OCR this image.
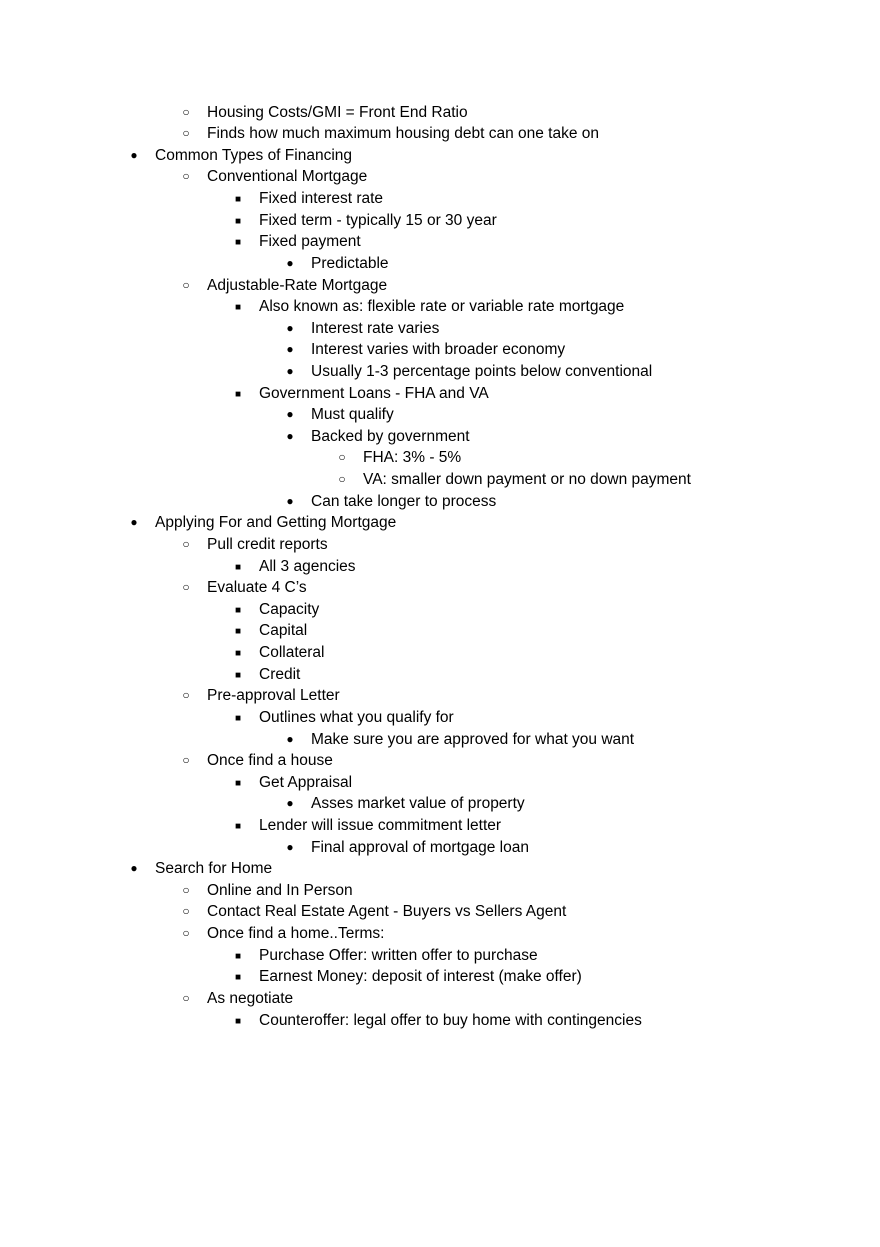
○
Housing Costs/GMI = Front End Ratio
○
Finds how much maximum housing debt can one take on
●
Common Types of Financing
○
Conventional Mortgage
■
Fixed interest rate
■
Fixed term - typically 15 or 30 year
■
Fixed payment
●
Predictable
○
Adjustable-Rate Mortgage
■
Also known as: flexible rate or variable rate mortgage
●
Interest rate varies
●
Interest varies with broader economy
●
Usually 1-3 percentage points below conventional
■
Government Loans - FHA and VA
●
Must qualify
●
Backed by government
○
FHA: 3% - 5%
○
VA: smaller down payment or no down payment
●
Can take longer to process
●
Applying For and Getting Mortgage
○
Pull credit reports
■
All 3 agencies
○
Evaluate 4 C’s
■
Capacity
■
Capital
■
Collateral
■
Credit
○
Pre-approval Letter
■
Outlines what you qualify for
●
Make sure you are approved for what you want
○
Once find a house
■
Get Appraisal
●
Asses market value of property
■
Lender will issue commitment letter
●
Final approval of mortgage loan
●
Search for Home
○
Online and In Person
○
Contact Real Estate Agent - Buyers vs Sellers Agent
○
Once find a home..Terms:
■
Purchase Offer: written offer to purchase
■
Earnest Money: deposit of interest (make offer)
○
As negotiate
■
Counteroffer: legal offer to buy home with contingencies
